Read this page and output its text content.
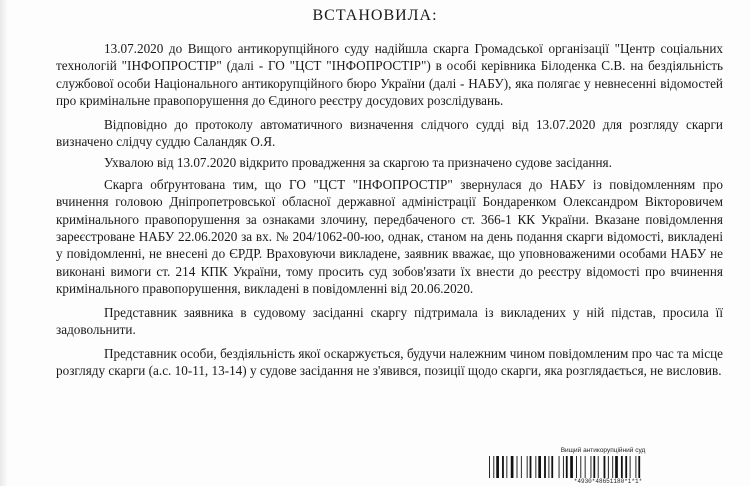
ВСТАНОВИЛА:

13.07.2020 до Вищого антикорупційного суду надійшла скарга Громадської організації "Центр соціальних технологій "ІНФОПРОСТІР" (далі - ГО "ЦСТ "ІНФОПРОСТІР") в особі керівника Білоденка С.В. на бездіяльність службової особи Національного антикорупційного бюро України (далі - НАБУ), яка полягає у невнесенні відомостей про кримінальне правопорушення до Єдиного реєстру досудових розслідувань.

Відповідно до протоколу автоматичного визначення слідчого судді від 13.07.2020 для розгляду скарги визначено слідчу суддю Саландяк О.Я.

Ухвалою від 13.07.2020 відкрито провадження за скаргою та призначено судове засідання.

Скарга обґрунтована тим, що ГО "ЦСТ "ІНФОПРОСТІР" звернулася до НАБУ із повідомленням про вчинення головою Дніпропетровської обласної державної адміністрації Бондаренком Олександром Вікторовичем кримінального правопорушення за ознаками злочину, передбаченого ст. 366-1 КК України. Вказане повідомлення зареєстроване НАБУ 22.06.2020 за вх. № 204/1062-00-юо, однак, станом на день подання скарги відомості, викладені у повідомленні, не внесені до ЄРДР. Враховуючи викладене, заявник вважає, що уповноваженими особами НАБУ не виконані вимоги ст. 214 КПК України, тому просить суд зобов'язати їх внести до реєстру відомості про вчинення кримінального правопорушення, викладені в повідомленні від 20.06.2020.

Представник заявника в судовому засіданні скаргу підтримала із викладених у ній підстав, просила її задовольнити.

Представник особи, бездіяльність якої оскаржується, будучи належним чином повідомленим про час та місце розгляду скарги (а.с. 10-11, 13-14) у судове засідання не з'явився, позиції щодо скарги, яка розглядається, не висловив.

Вищий антикорупційний суд
*4930*48651180*1*1*
